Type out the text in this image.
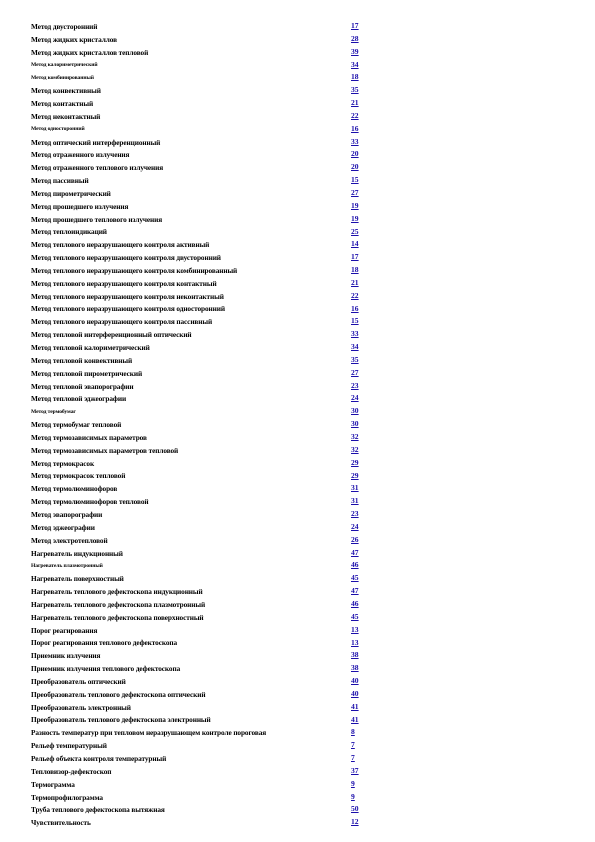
Метод двусторонний	17
Метод жидких кристаллов	28
Метод жидких кристаллов тепловой	39
Метод калориметрический	34
Метод комбинированный	18
Метод конвективный	35
Метод контактный	21
Метод неконтактный	22
Метод односторонний	16
Метод оптический интерференционный	33
Метод отраженного излучения	20
Метод отраженного теплового излучения	20
Метод пассивный	15
Метод пирометрический	27
Метод прошедшего излучения	19
Метод прошедшего теплового излучения	19
Метод теплоиндикаций	25
Метод теплового неразрушающего контроля активный	14
Метод теплового неразрушающего контроля двусторонний	17
Метод теплового неразрушающего контроля комбинированный	18
Метод теплового неразрушающего контроля контактный	21
Метод теплового неразрушающего контроля неконтактный	22
Метод теплового неразрушающего контроля односторонний	16
Метод теплового неразрушающего контроля пассивный	15
Метод тепловой интерференционный оптический	33
Метод тепловой калориметрический	34
Метод тепловой конвективный	35
Метод тепловой пирометрический	27
Метод тепловой эвапорографии	23
Метод тепловой эджеографии	24
Метод термобумаг	30
Метод термобумаг тепловой	30
Метод термозависимых параметров	32
Метод термозависимых параметров тепловой	32
Метод термокрасок	29
Метод термокрасок тепловой	29
Метод термолюминофоров	31
Метод термолюминофоров тепловой	31
Метод эвапорографии	23
Метод эджеографии	24
Метод электротепловой	26
Нагреватель индукционный	47
Нагреватель плазмотронный	46
Нагреватель поверхностный	45
Нагреватель теплового дефектоскопа индукционный	47
Нагреватель теплового дефектоскопа плазмотронный	46
Нагреватель теплового дефектоскопа поверхностный	45
Порог реагирования	13
Порог реагирования теплового дефектоскопа	13
Приемник излучения	38
Приемник излучения теплового дефектоскопа	38
Преобразователь оптический	40
Преобразователь теплового дефектоскопа оптический	40
Преобразователь электронный	41
Преобразователь теплового дефектоскопа электронный	41
Разность температур при тепловом неразрушающем контроле пороговая	8
Рельеф температурный	7
Рельеф объекта контроля температурный	7
Тепловизор-дефектоскоп	37
Термограмма	9
Термопрофилограмма	9
Труба теплового дефектоскопа вытяжная	50
Чувствительность	12
